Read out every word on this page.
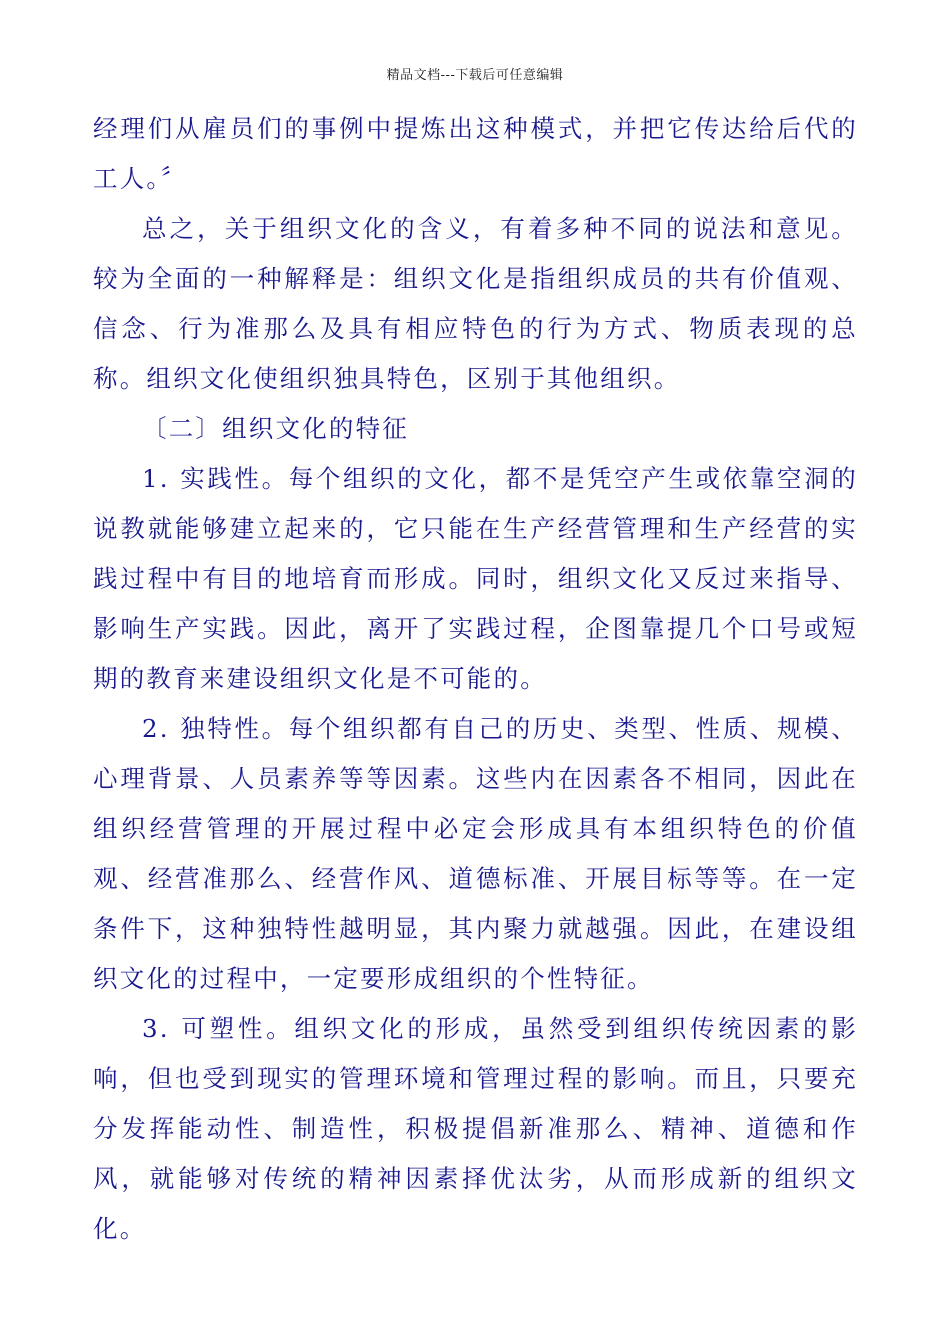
精品文档---下载后可任意编辑

经理们从雇员们的事例中提炼出这种模式，并把它传达给后代的工人。〞

总之，关于组织文化的含义，有着多种不同的说法和意见。较为全面的一种解释是：组织文化是指组织成员的共有价值观、信念、行为准那么及具有相应特色的行为方式、物质表现的总称。组织文化使组织独具特色，区别于其他组织。

〔二〕组织文化的特征

1. 实践性。每个组织的文化，都不是凭空产生或依靠空洞的说教就能够建立起来的，它只能在生产经营管理和生产经营的实践过程中有目的地培育而形成。同时，组织文化又反过来指导、影响生产实践。因此，离开了实践过程，企图靠提几个口号或短期的教育来建设组织文化是不可能的。

2. 独特性。每个组织都有自己的历史、类型、性质、规模、心理背景、人员素养等等因素。这些内在因素各不相同，因此在组织经营管理的开展过程中必定会形成具有本组织特色的价值观、经营准那么、经营作风、道德标准、开展目标等等。在一定条件下，这种独特性越明显，其内聚力就越强。因此，在建设组织文化的过程中，一定要形成组织的个性特征。

3. 可塑性。组织文化的形成，虽然受到组织传统因素的影响，但也受到现实的管理环境和管理过程的影响。而且，只要充分发挥能动性、制造性，积极提倡新准那么、精神、道德和作风，就能够对传统的精神因素择优汰劣，从而形成新的组织文化。
